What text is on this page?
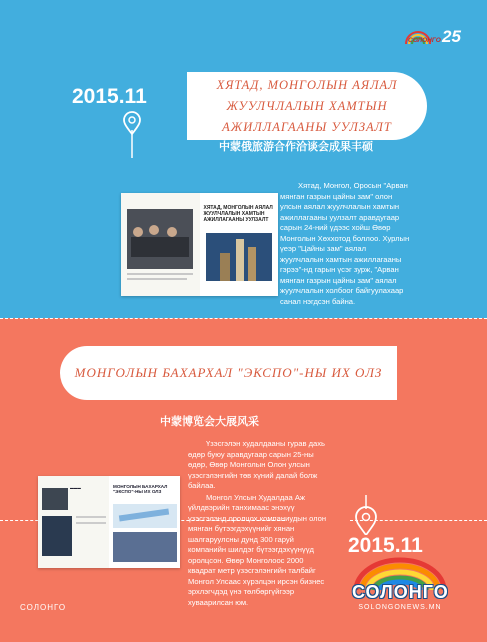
СОЛОНГО 25
2015.11	ХЯТАД, МОНГОЛЫН АЯЛАЛ
ЖУУЛЧЛАЛЫН ХАМТЫН
АЖИЛЛАГААНЫ УУЛЗАЛТ
中蒙俄旅游合作洽谈会成果丰硕
ХЯТАД, МОНГОЛЫН АЯЛАЛ ЖУУЛЧЛАЛЫН ХАМТЫН АЖИЛЛАГААНЫ УУЛЗАЛТ

Хятад, Монгол, Оросын "Арван мянган газрын цайны зам" олон улсын аялал жуулчлалын хамтын ажиллагааны уулзалт аравдугаар сарын 24-ний үдээс хойш Өвөр Монголын Хөххотод боллоо. Хурлын үеэр "Цайны зам" аялал жуулчлалын хамтын ажиллагааны гэрээ"-нд гарын үсэг зурж, "Арван мянган газрын цайны зам" аялал жуулчлалын холбоог байгуулахаар санал нэгдсэн байна.

МОНГОЛЫН БАХАРХАЛ "ЭКСПО"-НЫ ИХ ОЛЗ
中蒙博览会大展风采
▬▬▬	МОНГОЛЫН БАХАРХАЛ "ЭКСПО"-НЫ ИХ ОЛЗ

Үзэсгэлэн худалдааны гурав дахь өдөр буюу аравдугаар сарын 25-ны өдөр, Өвөр Монголын Олон улсын үзэсгэлэнгийн төв хүний далай болж байлаа.

Монгол Улсын Худалдаа Аж үйлдвэрийн танхимаас энэхүү үзэсгэлэнд оролцох компаниудын олон мянган бүтээгдэхүүнийг хянан шалгаруулсны дунд 300 гаруй компанийн шилдэг бүтээгдэхүүнүүд оролцсон. Өвөр Монголоос 2000 квадрат метр үзэсгэлэнгийн талбайг Монгол Улсаас хүрэлцэн ирсэн бизнес эрхлэгчдэд үнэ төлбөргүйгээр хуваарилсан юм.

2015.11
СОЛОНГО
SOLONGONEWS.MN
СОЛОНГО
